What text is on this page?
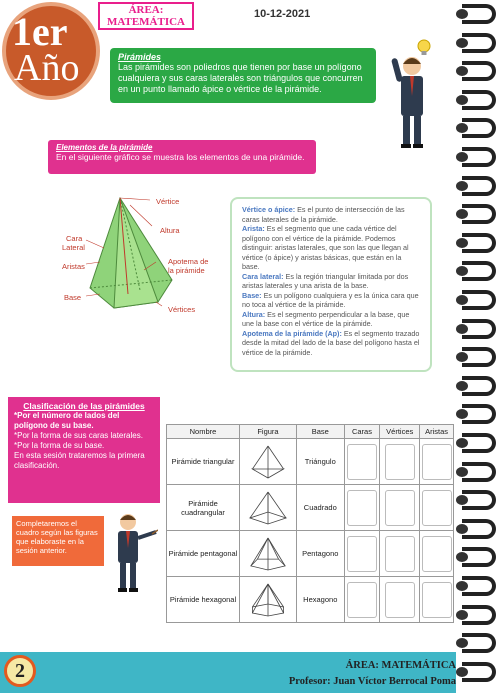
1er
Año
ÁREA:
MATEMÁTICA
10-12-2021
Pirámides
Las pirámides son poliedros que tienen por base un polígono cualquiera y sus caras laterales son triángulos que concurren en un punto llamado ápice o vértice de la pirámide.
Elementos de la pirámide
En el siguiente gráfico se muestra los elementos de una pirámide.
Vértice
Cara
Lateral
Altura
Aristas
Apotema de
la pirámide
Base
Vértices
Vértice o ápice: Es el punto de intersección de las caras laterales de la pirámide.
Arista: Es el segmento que une cada vértice del polígono con el vértice de la pirámide. Podemos distinguir: aristas laterales, que son las que llegan al vértice (o ápice) y aristas básicas, que están en la base.
Cara lateral: Es la región triangular limitada por dos aristas laterales y una arista de la base.
Base: Es un polígono cualquiera y es la única cara que no toca al vértice de la pirámide.
Altura: Es el segmento perpendicular a la base, que une la base con el vértice de la pirámide.
Apotema de la pirámide (Ap): Es el segmento trazado desde la mitad del lado de la base del polígono hasta el vértice de la pirámide.
Clasificación de las pirámides
*Por el número de lados del polígono de su base.
*Por la forma de sus caras laterales.
*Por la forma de su base.
En esta sesión trataremos la primera clasificación.
Completaremos el cuadro según las figuras que elaboraste en la sesión anterior.
Nombre	Figura	Base	Caras	Vértices	Aristas
Pirámide triangular		Triángulo	

Pirámide cuadrangular		Cuadrado	

Pirámide pentagonal		Pentagono	

Pirámide hexagonal		Hexagono	

2	ÁREA: MATEMÁTICA
Profesor: Juan Víctor Berrocal Poma
